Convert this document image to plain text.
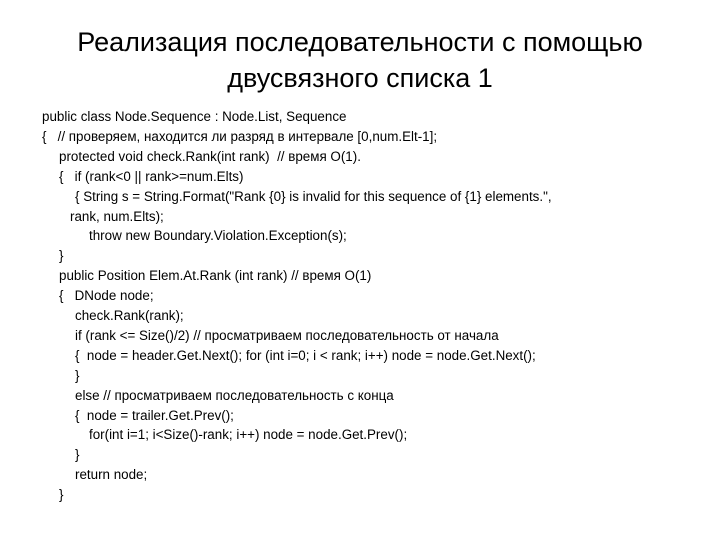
Реализация последовательности с помощью
двусвязного списка 1
public class Node.Sequence : Node.List, Sequence
{   // проверяем, находится ли разряд в интервале [0,num.Elt-1];
protected void check.Rank(int rank)  // время O(1).
{   if (rank<0 || rank>=num.Elts)
{ String s = String.Format("Rank {0} is invalid for this sequence of {1} elements.",
rank, num.Elts);
throw new Boundary.Violation.Exception(s);
}
public Position Elem.At.Rank (int rank) // время O(1)
{   DNode node;
check.Rank(rank);
if (rank <= Size()/2) // просматриваем последовательность от начала
{  node = header.Get.Next(); for (int i=0; i < rank; i++) node = node.Get.Next();
}
else // просматриваем последовательность с конца
{  node = trailer.Get.Prev();
for(int i=1; i<Size()-rank; i++) node = node.Get.Prev();
}
return node;
}
